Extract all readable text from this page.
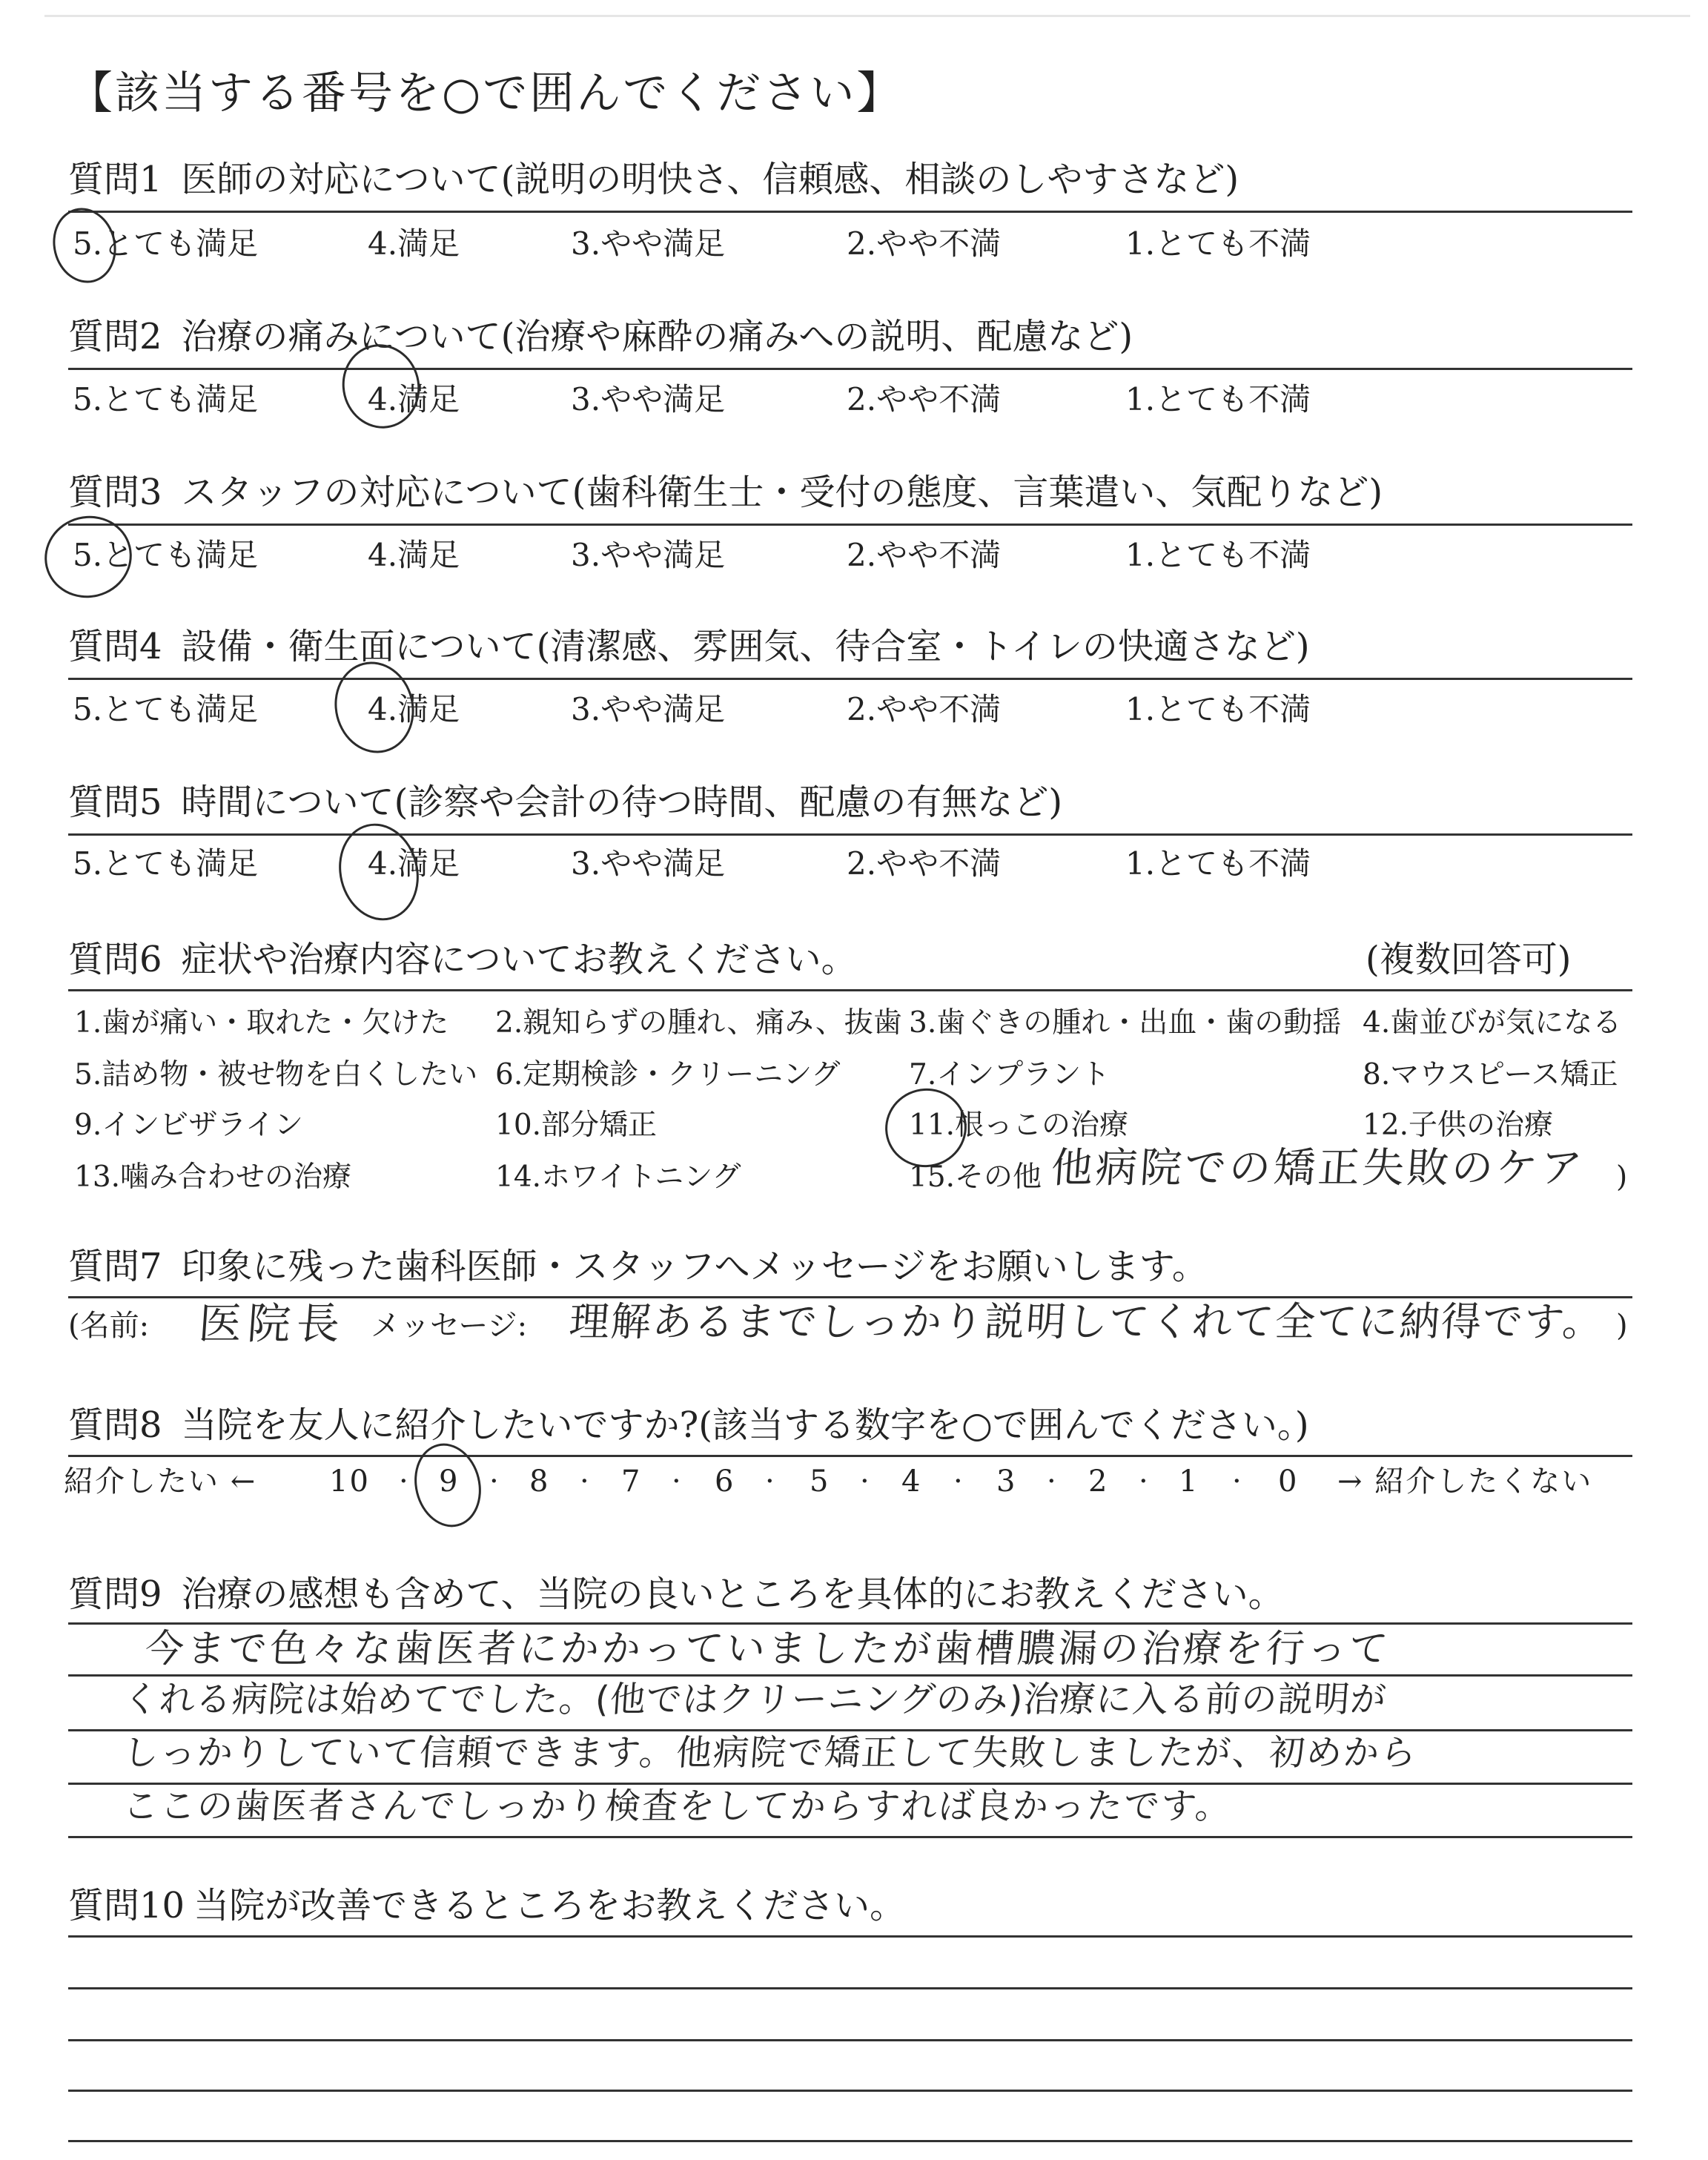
【該当する番号を○で囲んでください】
質問1 医師の対応について(説明の明快さ、信頼感、相談のしやすさなど)
5.とても満足	4.満足	3.やや満足	2.やや不満	1.とても不満
質問2 治療の痛みについて(治療や麻酔の痛みへの説明、配慮など)
5.とても満足	4.満足	3.やや満足	2.やや不満	1.とても不満
質問3 スタッフの対応について(歯科衛生士・受付の態度、言葉遣い、気配りなど)
5.とても満足	4.満足	3.やや満足	2.やや不満	1.とても不満
質問4 設備・衛生面について(清潔感、雰囲気、待合室・トイレの快適さなど)
5.とても満足	4.満足	3.やや満足	2.やや不満	1.とても不満
質問5 時間について(診察や会計の待つ時間、配慮の有無など)
5.とても満足	4.満足	3.やや満足	2.やや不満	1.とても不満
質問6 症状や治療内容についてお教えください。	(複数回答可)
1.歯が痛い・取れた・欠けた 2.親知らずの腫れ、痛み、抜歯 3.歯ぐきの腫れ・出血・歯の動揺 4.歯並びが気になる
5.詰め物・被せ物を白くしたい 6.定期検診・クリーニング 7.インプラント	8.マウスピース矯正
9.インビザライン	10.部分矯正	11.根っこの治療	12.子供の治療
13.噛み合わせの治療	14.ホワイトニング	15.その他 他病院での矯正失敗のケア )
質問7 印象に残った歯科医師・スタッフへメッセージをお願いします。
(名前: 医院長 メッセージ: 理解あるまでしっかり説明してくれて全てに納得です。 )
質問8 当院を友人に紹介したいですか?(該当する数字を○で囲んでください。)
紹介したい ← 10 · 9 · 8 · 7 · 6 · 5 · 4 · 3 · 2 · 1 · 0 → 紹介したくない
質問9 治療の感想も含めて、当院の良いところを具体的にお教えください。
今まで色々な歯医者にかかっていましたが歯槽膿漏の治療を行って
くれる病院は始めてでした。(他ではクリーニングのみ)治療に入る前の説明が
しっかりしていて信頼できます。他病院で矯正して失敗しましたが、初めから
ここの歯医者さんでしっかり検査をしてからすれば良かったです。
質問10 当院が改善できるところをお教えください。
